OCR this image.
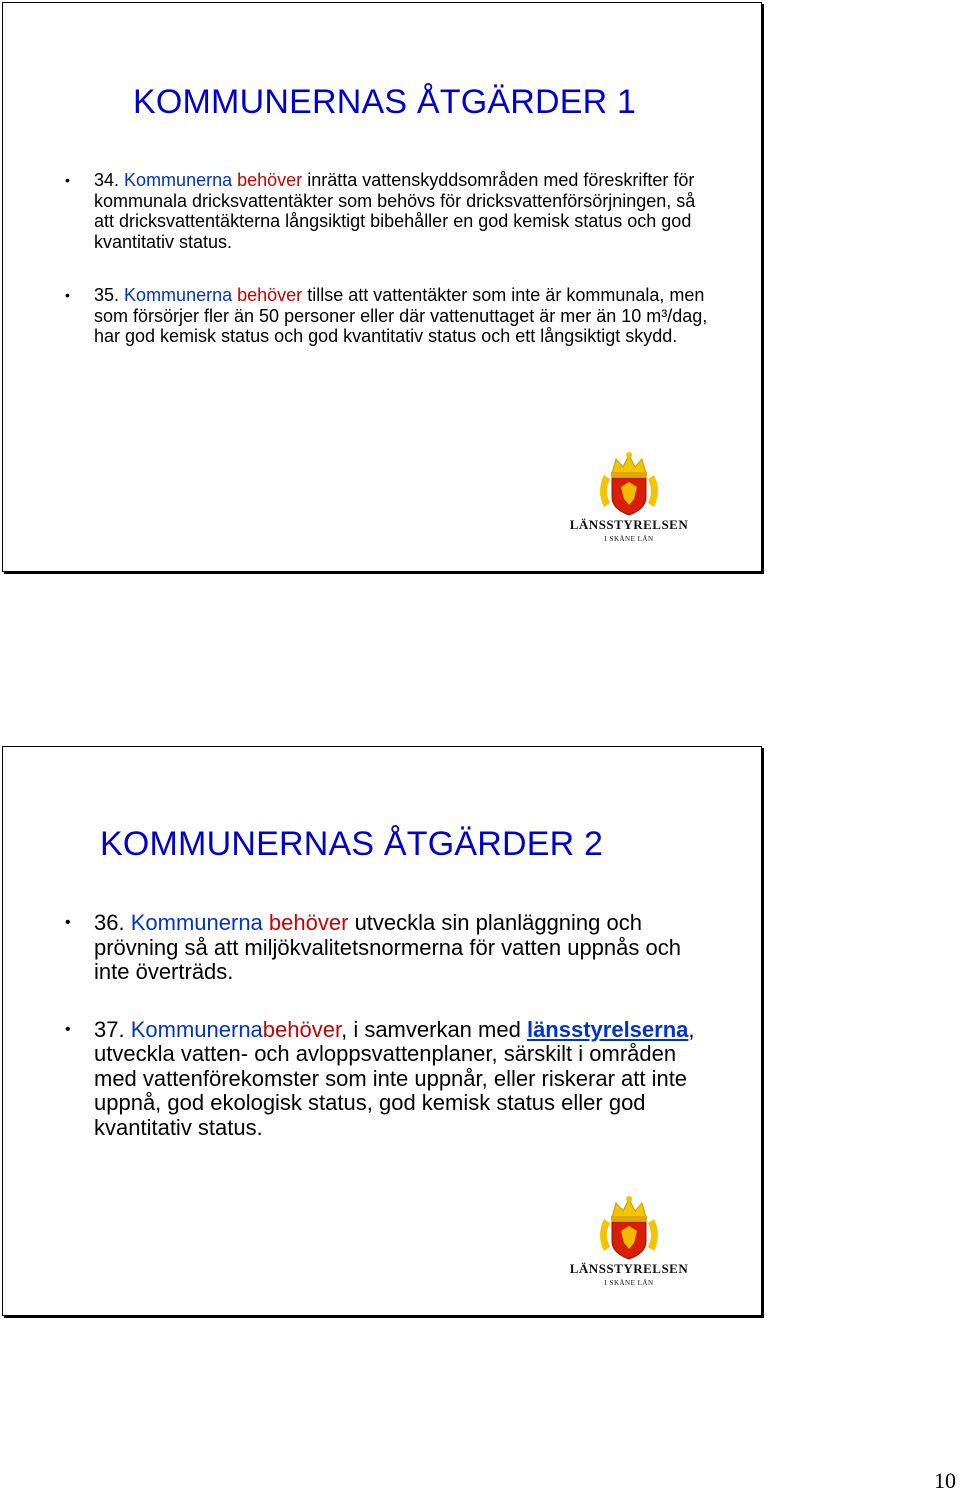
KOMMUNERNAS ÅTGÄRDER 1
• 34. Kommunerna behöver inrätta vattenskyddsområden med föreskrifter för kommunala dricksvattentäkter som behövs för dricksvattenförsörjningen, så att dricksvattentäkterna långsiktigt bibehåller en god kemisk status och god kvantitativ status.
• 35. Kommunerna behöver tillse att vattentäkter som inte är kommunala, men som försörjer fler än 50 personer eller där vattenuttaget är mer än 10 m³/dag, har god kemisk status och god kvantitativ status och ett långsiktigt skydd.
LÄNSSTYRELSEN
I SKÅNE LÄN
KOMMUNERNAS ÅTGÄRDER 2
• 36. Kommunerna behöver utveckla sin planläggning och prövning så att miljökvalitetsnormerna för vatten uppnås och inte överträds.
• 37. Kommunernabehöver, i samverkan med länsstyrelserna, utveckla vatten- och avloppsvattenplaner, särskilt i områden med vattenförekomster som inte uppnår, eller riskerar att inte uppnå, god ekologisk status, god kemisk status eller god kvantitativ status.
LÄNSSTYRELSEN
I SKÅNE LÄN
10
